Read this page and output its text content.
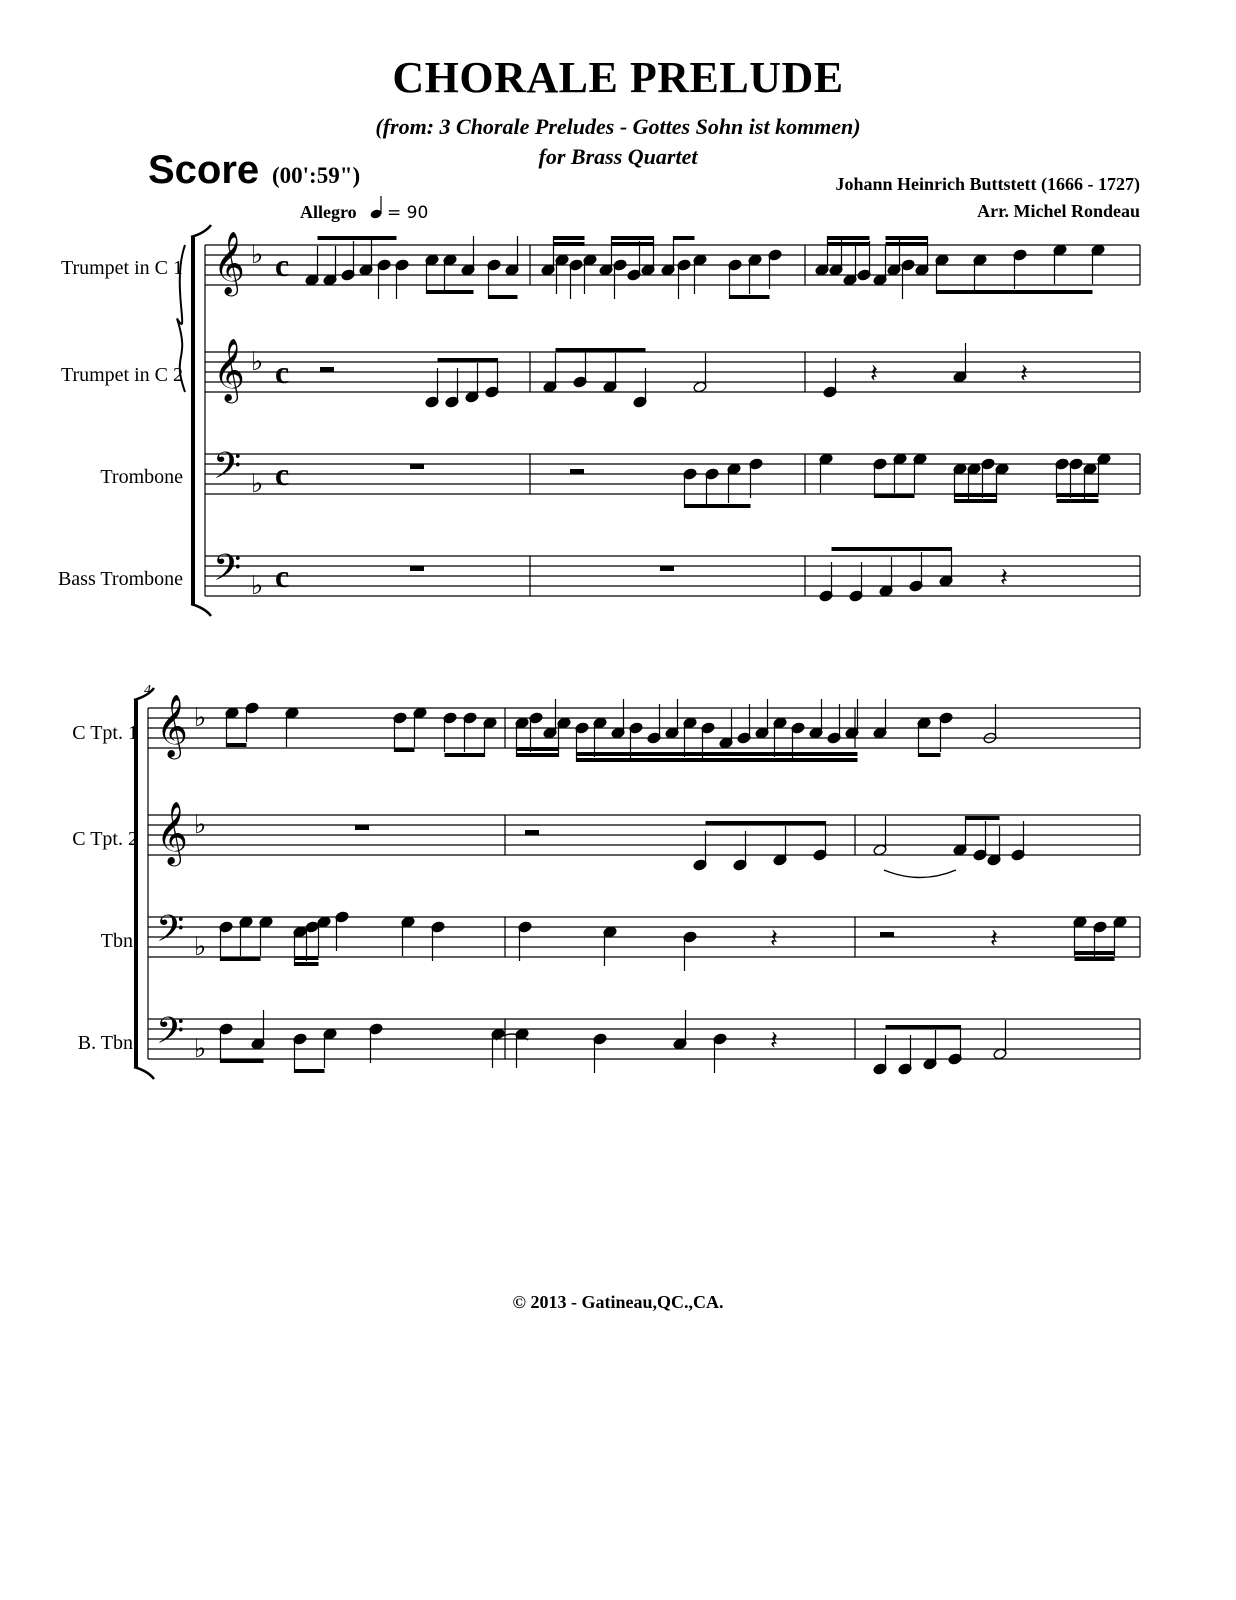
CHORALE PRELUDE
(from: 3 Chorale Preludes - Gottes Sohn ist kommen)
for Brass Quartet
Score (00':59")	Johann Heinrich Buttstett (1666 - 1727)
Arr. Michel Rondeau
Allegro = 90
Trumpet in C 1
Trumpet in C 2
Trombone
Bass Trombone
C Tpt. 1
C Tpt. 2
Tbn.
B. Tbn.
4
𝄞 ♭ c
𝄞 ♭ c
𝄢 ♭ c
𝄢 ♭ c
𝄞 ♭
𝄞 ♭
𝄢 ♭
𝄢 ♭
𝄽	𝄽
𝄽
𝄽	𝄽
𝄽
© 2013 - Gatineau,QC.,CA.
